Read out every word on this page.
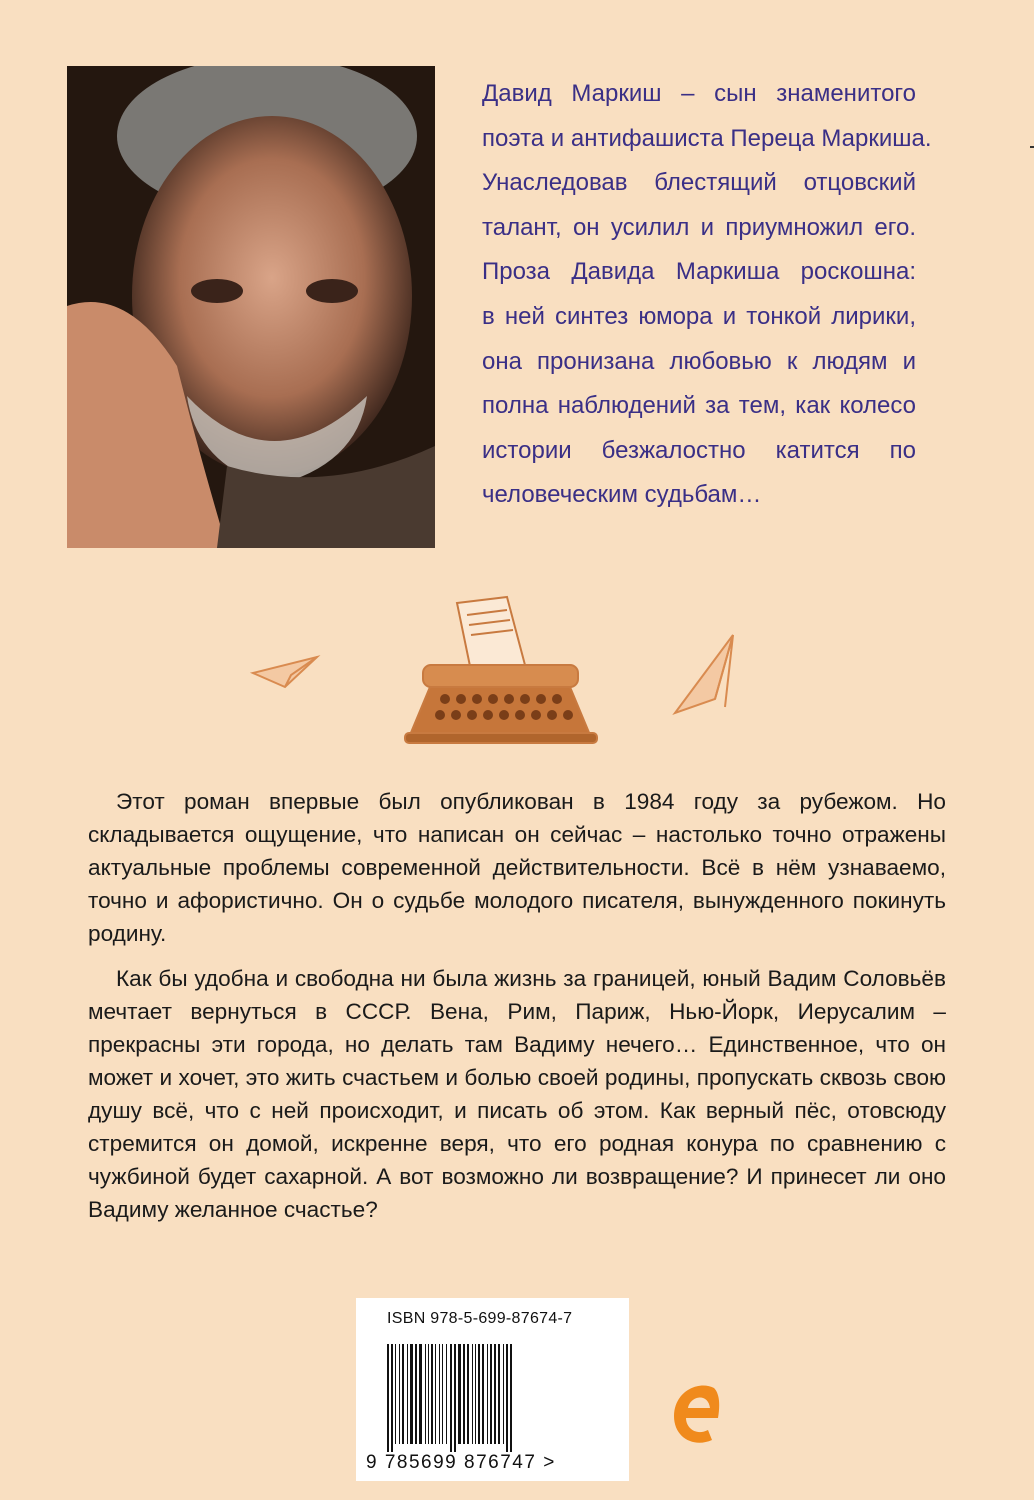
Давид Маркиш – сын знаменитого
поэта и антифашиста Переца Маркиша.
Унаследовав блестящий отцовский
талант, он усилил и приумножил его.
Проза Давида Маркиша роскошна:
в ней синтез юмора и тонкой лирики,
она пронизана любовью к людям и
полна наблюдений за тем, как колесо
истории безжалостно катится по
человеческим судьбам…

Этот роман впервые был опубликован в 1984 году за рубежом. Но складывается ощущение, что написан он сейчас – настолько точно отражены актуальные проблемы современной действительности. Всё в нём узнаваемо, точно и афористично. Он о судьбе молодого писателя, вынужденного покинуть родину.

Как бы удобна и свободна ни была жизнь за границей, юный Вадим Соловьёв мечтает вернуться в СССР. Вена, Рим, Париж, Нью-Йорк, Иерусалим – прекрасны эти города, но делать там Вадиму нечего… Единственное, что он может и хочет, это жить счастьем и болью своей родины, пропускать сквозь свою душу всё, что с ней происходит, и писать об этом. Как верный пёс, отовсюду стремится он домой, искренне веря, что его родная конура по сравнению с чужбиной будет сахарной. А вот возможно ли возвращение? И принесет ли оно Вадиму желанное счастье?

ISBN 978-5-699-87674-7
9 785699 876747 >
